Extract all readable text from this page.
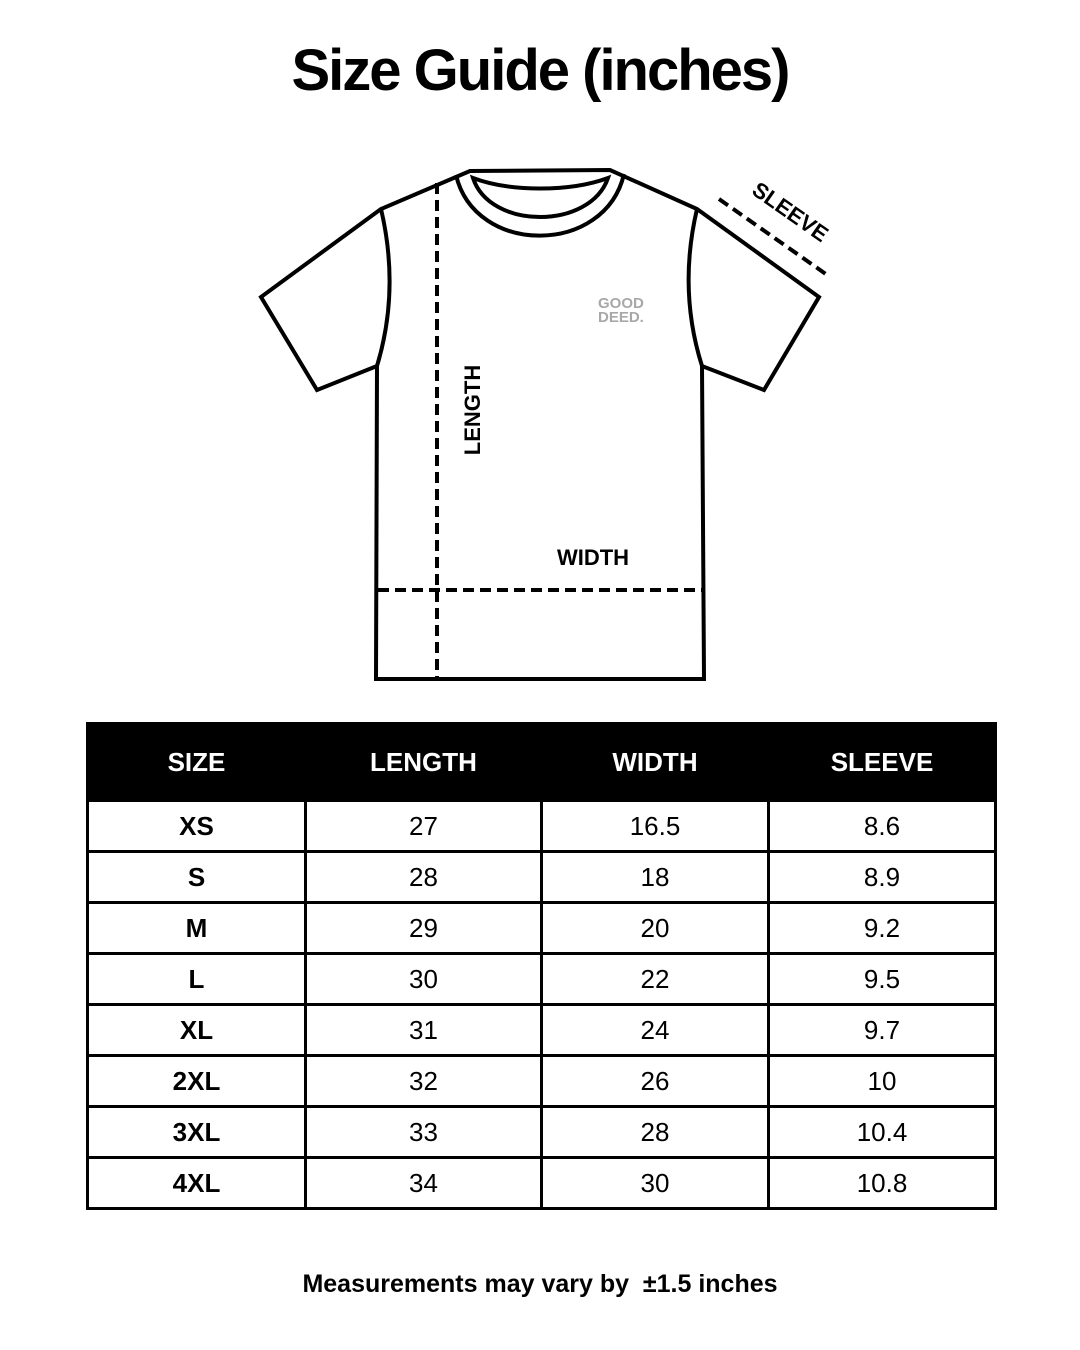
Size Guide (inches)
GOOD
DEED.
LENGTH
WIDTH
SLEEVE
SIZE	LENGTH	WIDTH	SLEEVE
XS	27	16.5	8.6
S	28	18	8.9
M	29	20	9.2
L	30	22	9.5
XL	31	24	9.7
2XL	32	26	10
3XL	33	28	10.4
4XL	34	30	10.8
Measurements may vary by  ±1.5 inches
